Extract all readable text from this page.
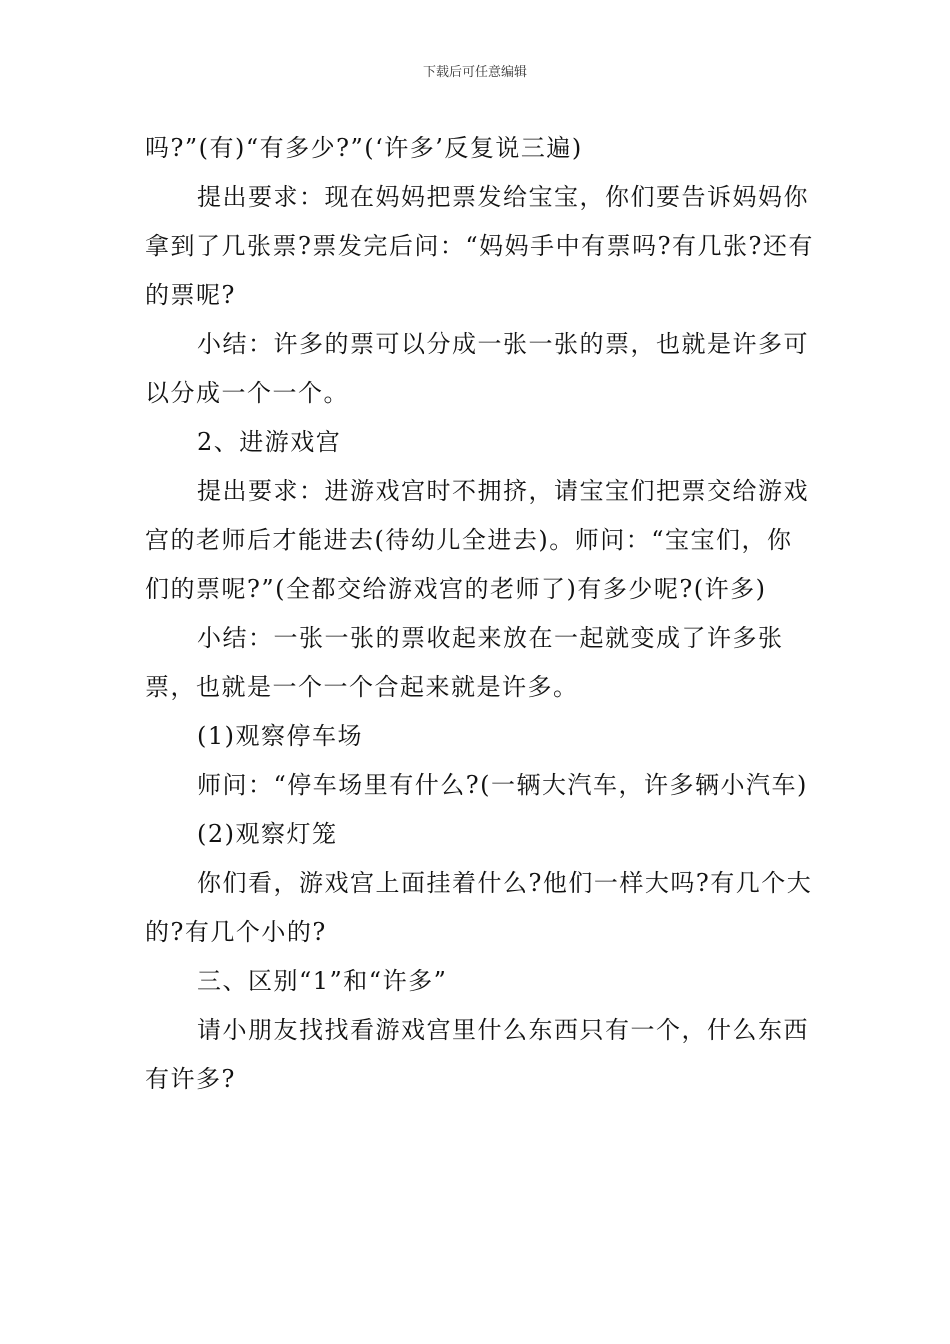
下载后可任意编辑

吗?”(有)“有多少?”(‘许多’反复说三遍)

提出要求：现在妈妈把票发给宝宝，你们要告诉妈妈你拿到了几张票?票发完后问：“妈妈手中有票吗?有几张?还有的票呢?

小结：许多的票可以分成一张一张的票，也就是许多可以分成一个一个。

2、进游戏宫

提出要求：进游戏宫时不拥挤，请宝宝们把票交给游戏宫的老师后才能进去(待幼儿全进去)。师问：“宝宝们，你们的票呢?”(全都交给游戏宫的老师了)有多少呢?(许多)

小结：一张一张的票收起来放在一起就变成了许多张票，也就是一个一个合起来就是许多。

(1)观察停车场

师问：“停车场里有什么?(一辆大汽车，许多辆小汽车)

(2)观察灯笼

你们看，游戏宫上面挂着什么?他们一样大吗?有几个大的?有几个小的?

三、区别“1”和“许多”

请小朋友找找看游戏宫里什么东西只有一个，什么东西有许多?
